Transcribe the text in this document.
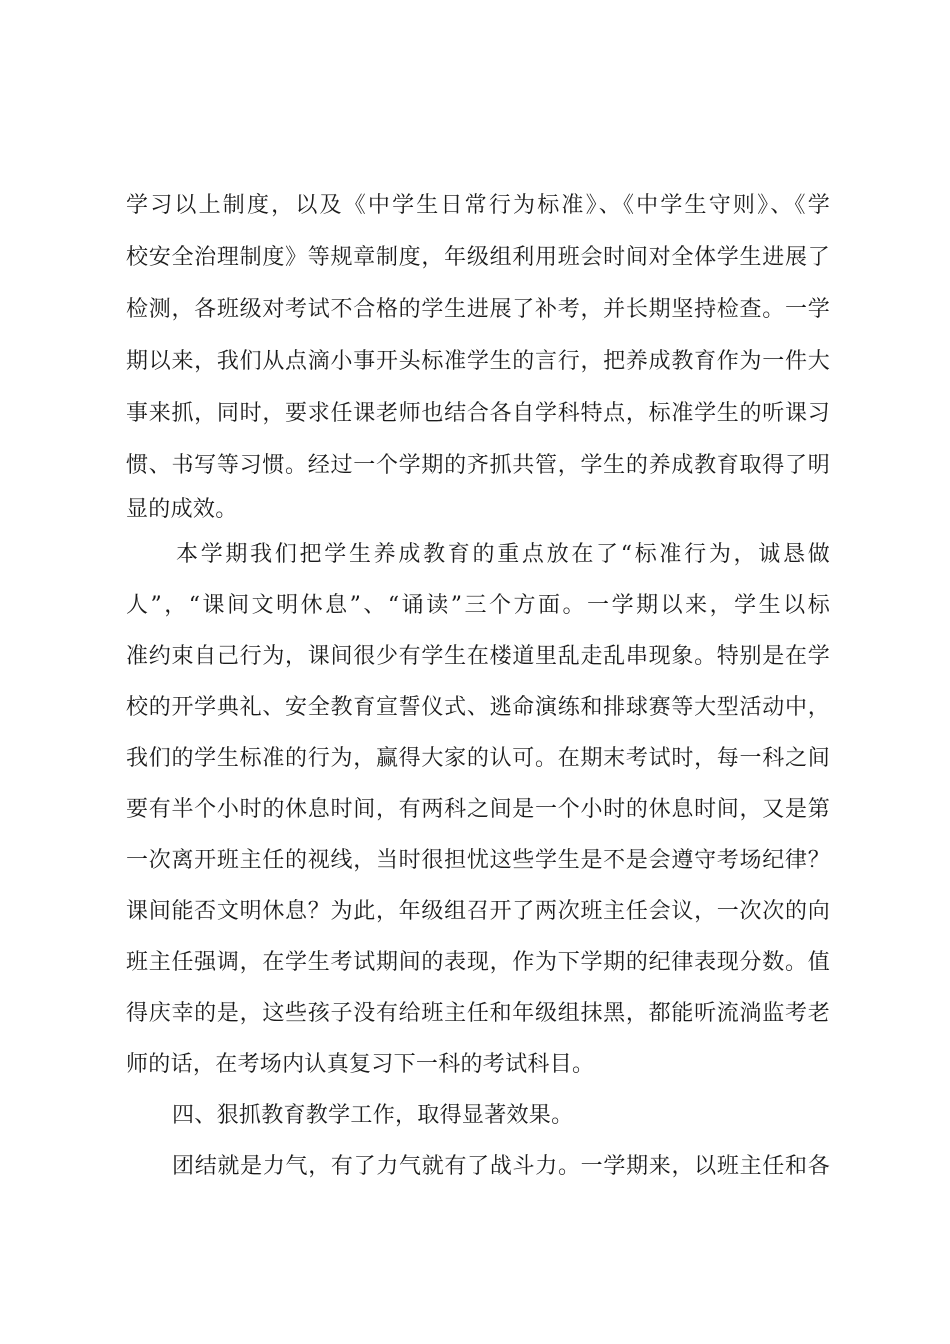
学习以上制度，以及《中学生日常行为标准》、《中学生守则》、《学
校安全治理制度》等规章制度，年级组利用班会时间对全体学生进展了
检测，各班级对考试不合格的学生进展了补考，并长期坚持检查。一学
期以来，我们从点滴小事开头标准学生的言行，把养成教育作为一件大
事来抓，同时，要求任课老师也结合各自学科特点，标准学生的听课习
惯、书写等习惯。经过一个学期的齐抓共管，学生的养成教育取得了明
显的成效。
本学期我们把学生养成教育的重点放在了“标准行为，诚恳做
人”，“课间文明休息”、“诵读”三个方面。一学期以来，学生以标
准约束自己行为，课间很少有学生在楼道里乱走乱串现象。特别是在学
校的开学典礼、安全教育宣誓仪式、逃命演练和排球赛等大型活动中，
我们的学生标准的行为，赢得大家的认可。在期末考试时，每一科之间
要有半个小时的休息时间，有两科之间是一个小时的休息时间，又是第
一次离开班主任的视线，当时很担忧这些学生是不是会遵守考场纪律？
课间能否文明休息？为此，年级组召开了两次班主任会议，一次次的向
班主任强调，在学生考试期间的表现，作为下学期的纪律表现分数。值
得庆幸的是，这些孩子没有给班主任和年级组抹黑，都能听流淌监考老
师的话，在考场内认真复习下一科的考试科目。
四、狠抓教育教学工作，取得显著效果。
团结就是力气，有了力气就有了战斗力。一学期来，以班主任和各
